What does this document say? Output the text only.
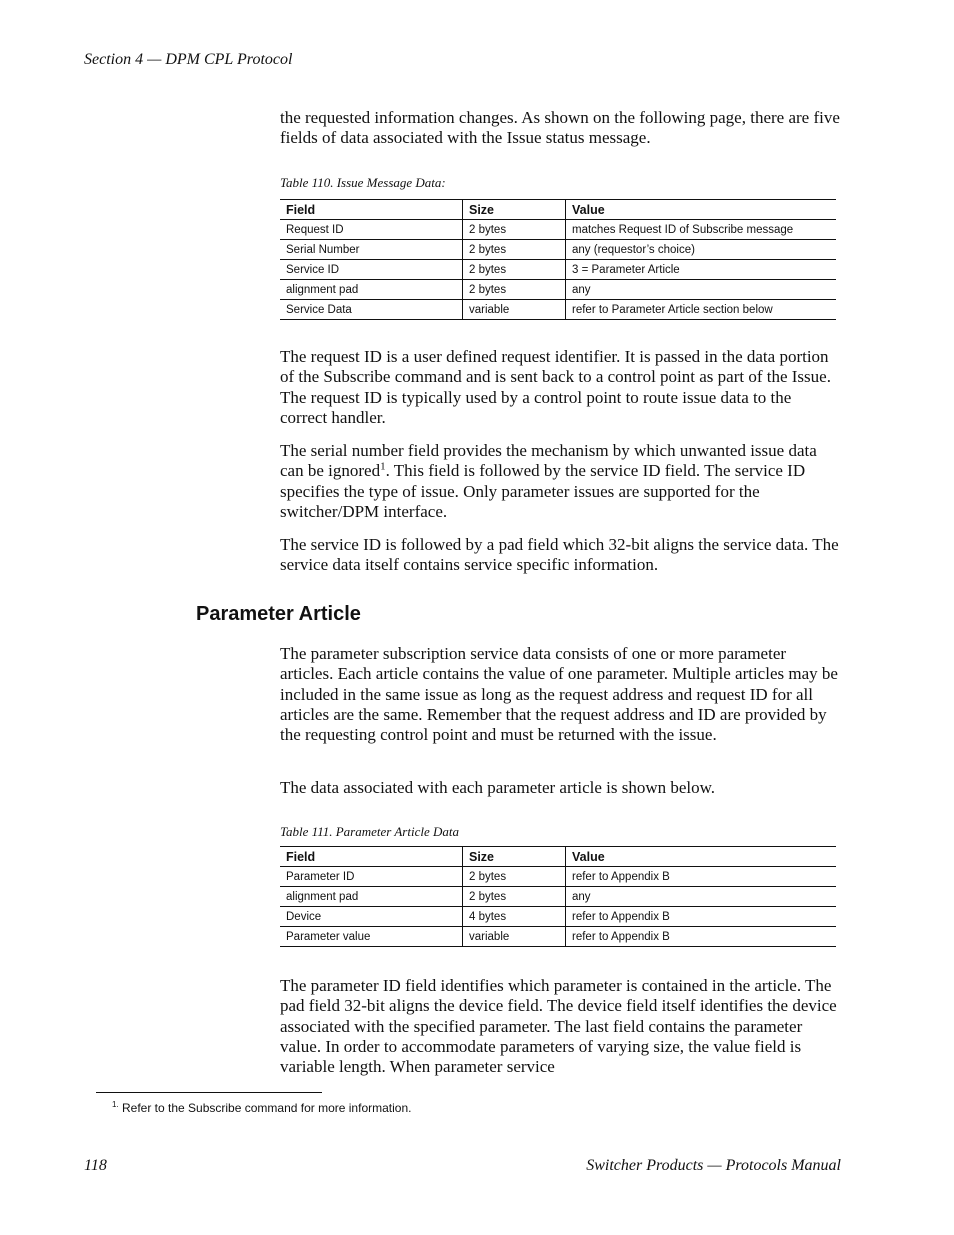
Section 4 — DPM CPL Protocol

the requested information changes. As shown on the following page, there are five fields of data associated with the Issue status message.

Table 110. Issue Message Data:
Field	Size	Value
Request ID	2 bytes	matches Request ID of Subscribe message
Serial Number	2 bytes	any (requestor’s choice)
Service ID	2 bytes	3 = Parameter Article
alignment pad	2 bytes	any
Service Data	variable	refer to Parameter Article section below

The request ID is a user defined request identifier. It is passed in the data portion of the Subscribe command and is sent back to a control point as part of the Issue. The request ID is typically used by a control point to route issue data to the correct handler.

The serial number field provides the mechanism by which unwanted issue data can be ignored$^1$. This field is followed by the service ID field. The service ID specifies the type of issue. Only parameter issues are supported for the switcher/DPM interface.

The service ID is followed by a pad field which 32-bit aligns the service data. The service data itself contains service specific information.

Parameter Article

The parameter subscription service data consists of one or more parameter articles. Each article contains the value of one parameter. Multiple articles may be included in the same issue as long as the request address and request ID for all articles are the same. Remember that the request address and ID are provided by the requesting control point and must be returned with the issue.

The data associated with each parameter article is shown below.

Table 111. Parameter Article Data
Field	Size	Value
Parameter ID	2 bytes	refer to Appendix B
alignment pad	2 bytes	any
Device	4 bytes	refer to Appendix B
Parameter value	variable	refer to Appendix B

The parameter ID field identifies which parameter is contained in the article. The pad field 32-bit aligns the device field. The device field itself identifies the device associated with the specified parameter. The last field contains the parameter value. In order to accommodate parameters of varying size, the value field is variable length. When parameter service

$^{1.}$ Refer to the Subscribe command for more information.
118	Switcher Products — Protocols Manual
